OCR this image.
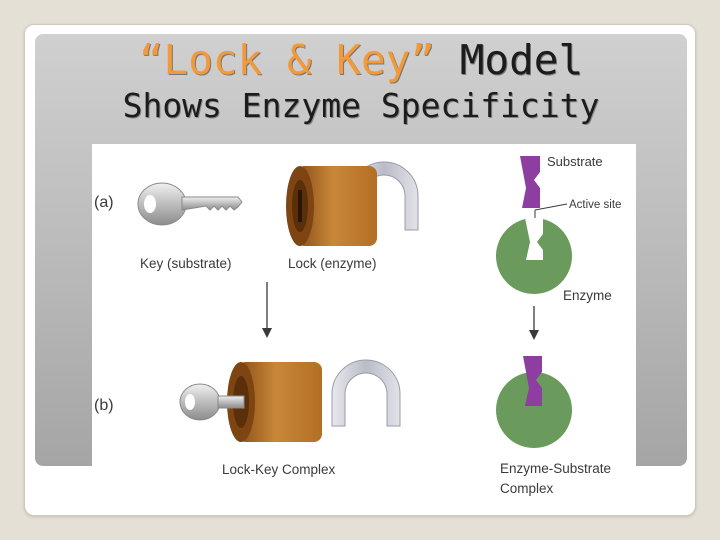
“Lock & Key” Model
Shows Enzyme Specificity
(a)
Key (substrate)	Lock (enzyme)
(b)
Lock-Key Complex
Substrate
Active site
Enzyme
Enzyme-Substrate
Complex
